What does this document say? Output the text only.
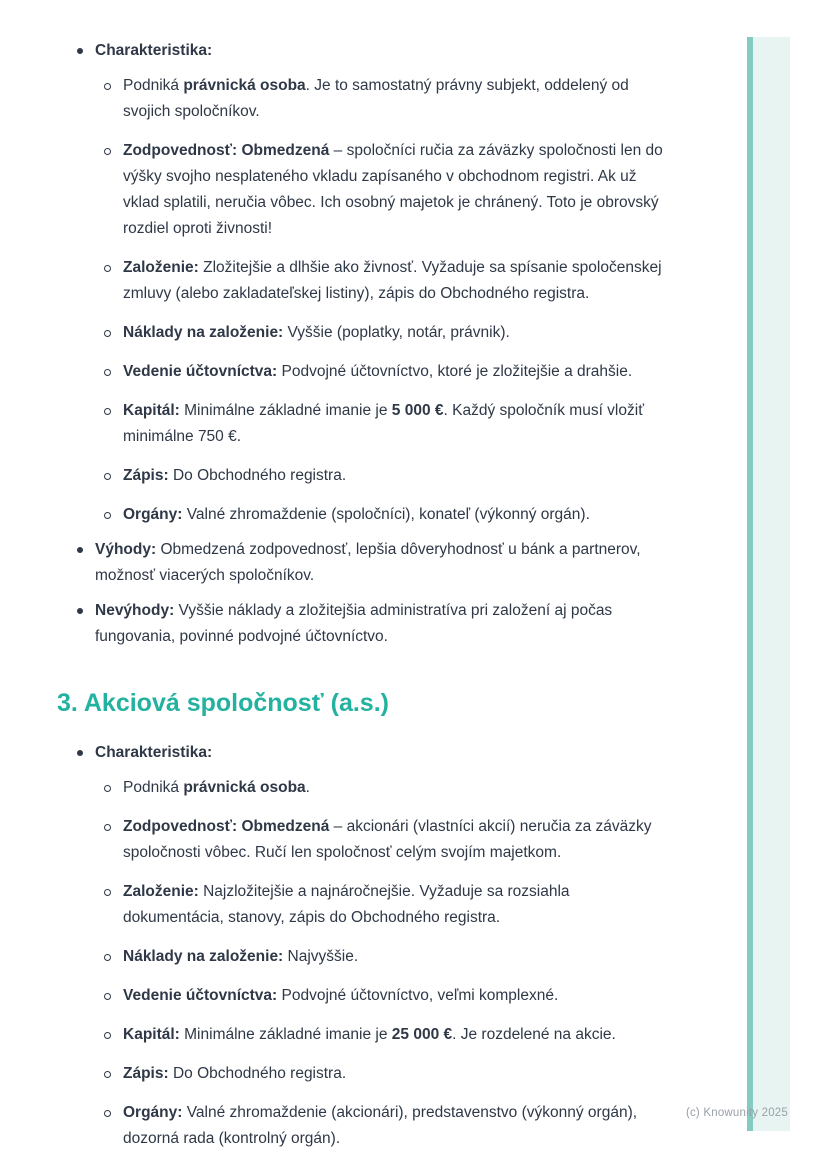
Charakteristika:
Podniká právnická osoba. Je to samostatný právny subjekt, oddelený od svojich spoločníkov.
Zodpovednosť: Obmedzená – spoločníci ručia za záväzky spoločnosti len do výšky svojho nesplateného vkladu zapísaného v obchodnom registri. Ak už vklad splatili, neručia vôbec. Ich osobný majetok je chránený. Toto je obrovský rozdiel oproti živnosti!
Založenie: Zložitejšie a dlhšie ako živnosť. Vyžaduje sa spísanie spoločenskej zmluvy (alebo zakladateľskej listiny), zápis do Obchodného registra.
Náklady na založenie: Vyššie (poplatky, notár, právnik).
Vedenie účtovníctva: Podvojné účtovníctvo, ktoré je zložitejšie a drahšie.
Kapitál: Minimálne základné imanie je 5 000 €. Každý spoločník musí vložiť minimálne 750 €.
Zápis: Do Obchodného registra.
Orgány: Valné zhromaždenie (spoločníci), konateľ (výkonný orgán).
Výhody: Obmedzená zodpovednosť, lepšia dôveryhodnosť u bánk a partnerov, možnosť viacerých spoločníkov.
Nevýhody: Vyššie náklady a zložitejšia administratíva pri založení aj počas fungovania, povinné podvojné účtovníctvo.
3. Akciová spoločnosť (a.s.)
Charakteristika:
Podniká právnická osoba.
Zodpovednosť: Obmedzená – akcionári (vlastníci akcií) neručia za záväzky spoločnosti vôbec. Ručí len spoločnosť celým svojím majetkom.
Založenie: Najzložitejšie a najnáročnejšie. Vyžaduje sa rozsiahla dokumentácia, stanovy, zápis do Obchodného registra.
Náklady na založenie: Najvyššie.
Vedenie účtovníctva: Podvojné účtovníctvo, veľmi komplexné.
Kapitál: Minimálne základné imanie je 25 000 €. Je rozdelené na akcie.
Zápis: Do Obchodného registra.
Orgány: Valné zhromaždenie (akcionári), predstavenstvo (výkonný orgán), dozorná rada (kontrolný orgán).
(c) Knowunity 2025
